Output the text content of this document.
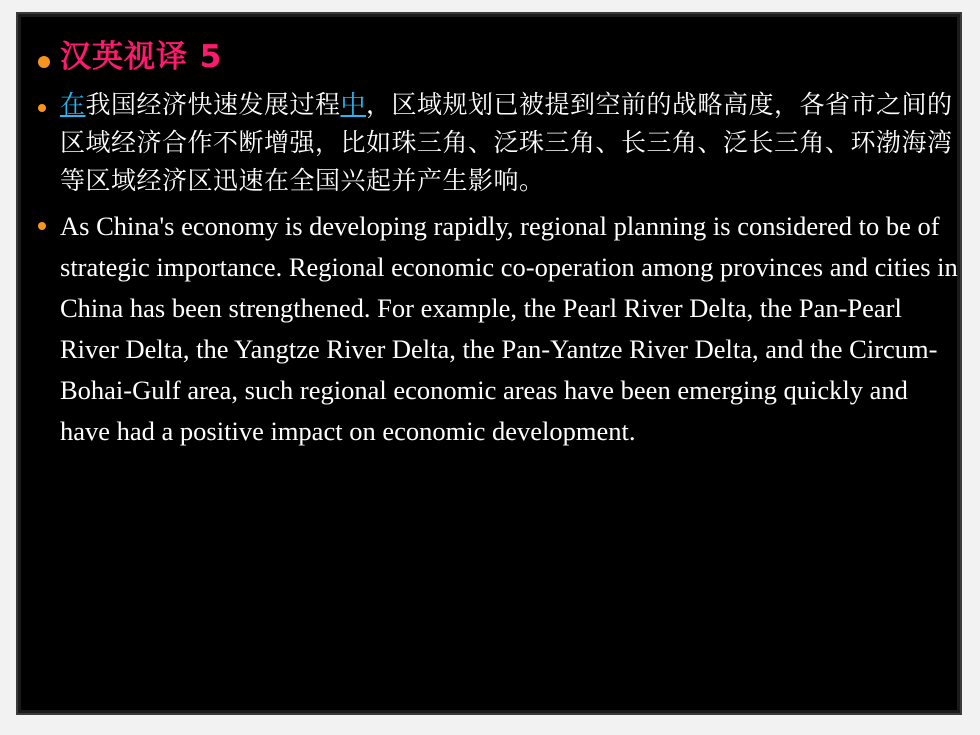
汉英视译 5
在我国经济快速发展过程中，区域规划已被提到空前的战略高度，各省市之间的区域经济合作不断增强，比如珠三角、泛珠三角、长三角、泛长三角、环渤海湾等区域经济区迅速在全国兴起并产生影响。
As China's economy is developing rapidly, regional planning is considered to be of strategic importance. Regional economic co-operation among provinces and cities in China has been strengthened. For example, the Pearl River Delta, the Pan-Pearl River Delta, the Yangtze River Delta, the Pan-Yantze River Delta, and the Circum-Bohai-Gulf area, such regional economic areas have been emerging quickly and have had a positive impact on economic development.
